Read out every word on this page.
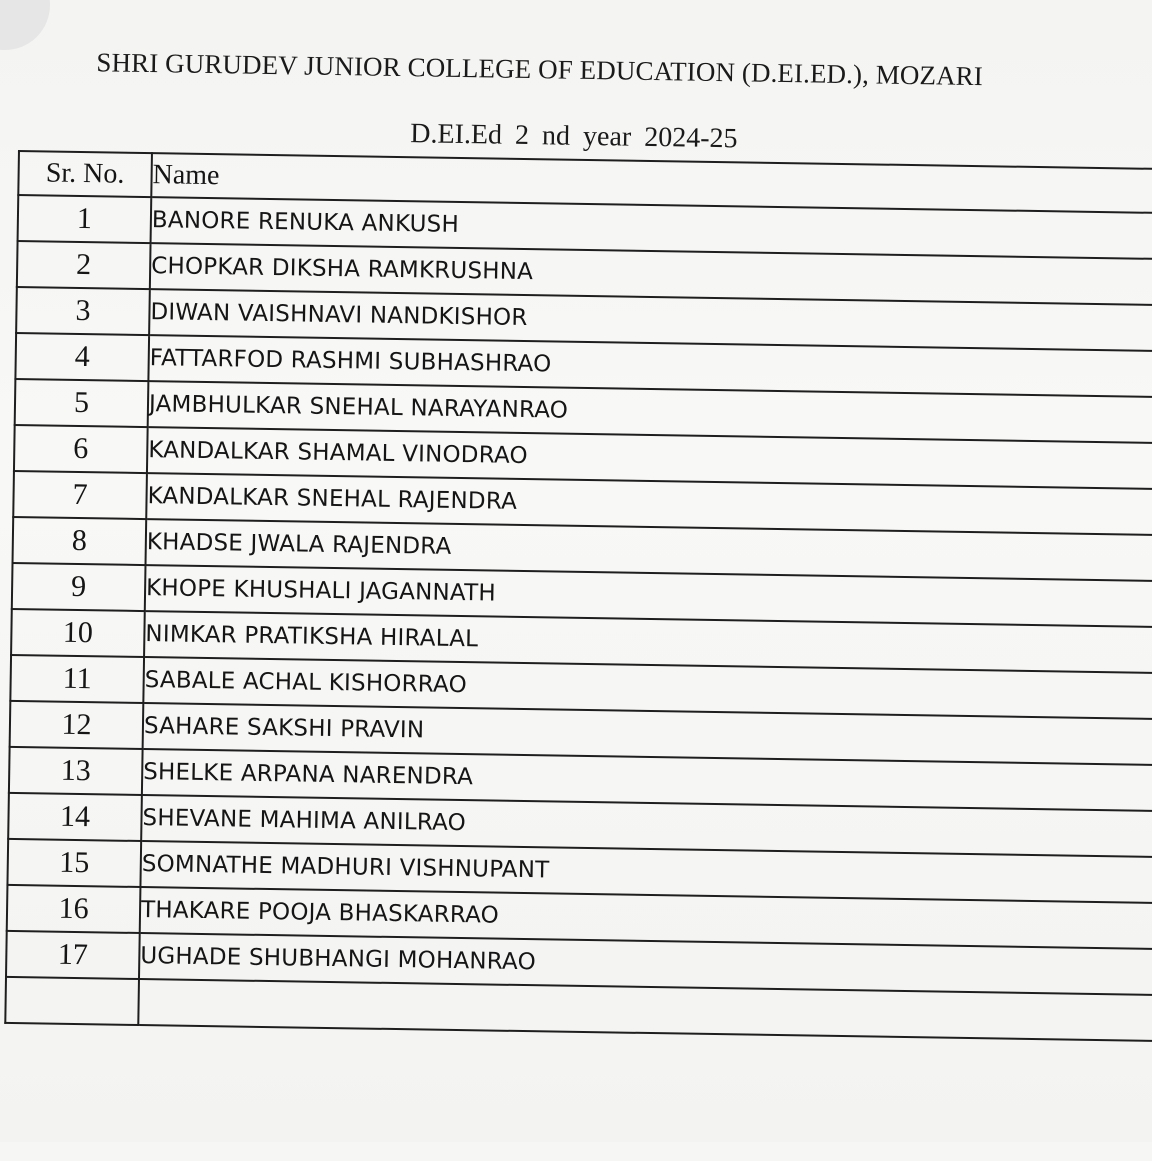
SHRI GURUDEV JUNIOR COLLEGE OF EDUCATION (D.EI.ED.), MOZARI
D.EI.Ed 2 nd year 2024-25
Sr. No.	Name
1	BANORE RENUKA ANKUSH
2	CHOPKAR DIKSHA RAMKRUSHNA
3	DIWAN VAISHNAVI NANDKISHOR
4	FATTARFOD RASHMI SUBHASHRAO
5	JAMBHULKAR SNEHAL NARAYANRAO
6	KANDALKAR SHAMAL VINODRAO
7	KANDALKAR SNEHAL RAJENDRA
8	KHADSE JWALA RAJENDRA
9	KHOPE KHUSHALI JAGANNATH
10	NIMKAR PRATIKSHA HIRALAL
11	SABALE ACHAL KISHORRAO
12	SAHARE SAKSHI PRAVIN
13	SHELKE ARPANA NARENDRA
14	SHEVANE MAHIMA ANILRAO
15	SOMNATHE MADHURI VISHNUPANT
16	THAKARE POOJA BHASKARRAO
17	UGHADE SHUBHANGI MOHANRAO
